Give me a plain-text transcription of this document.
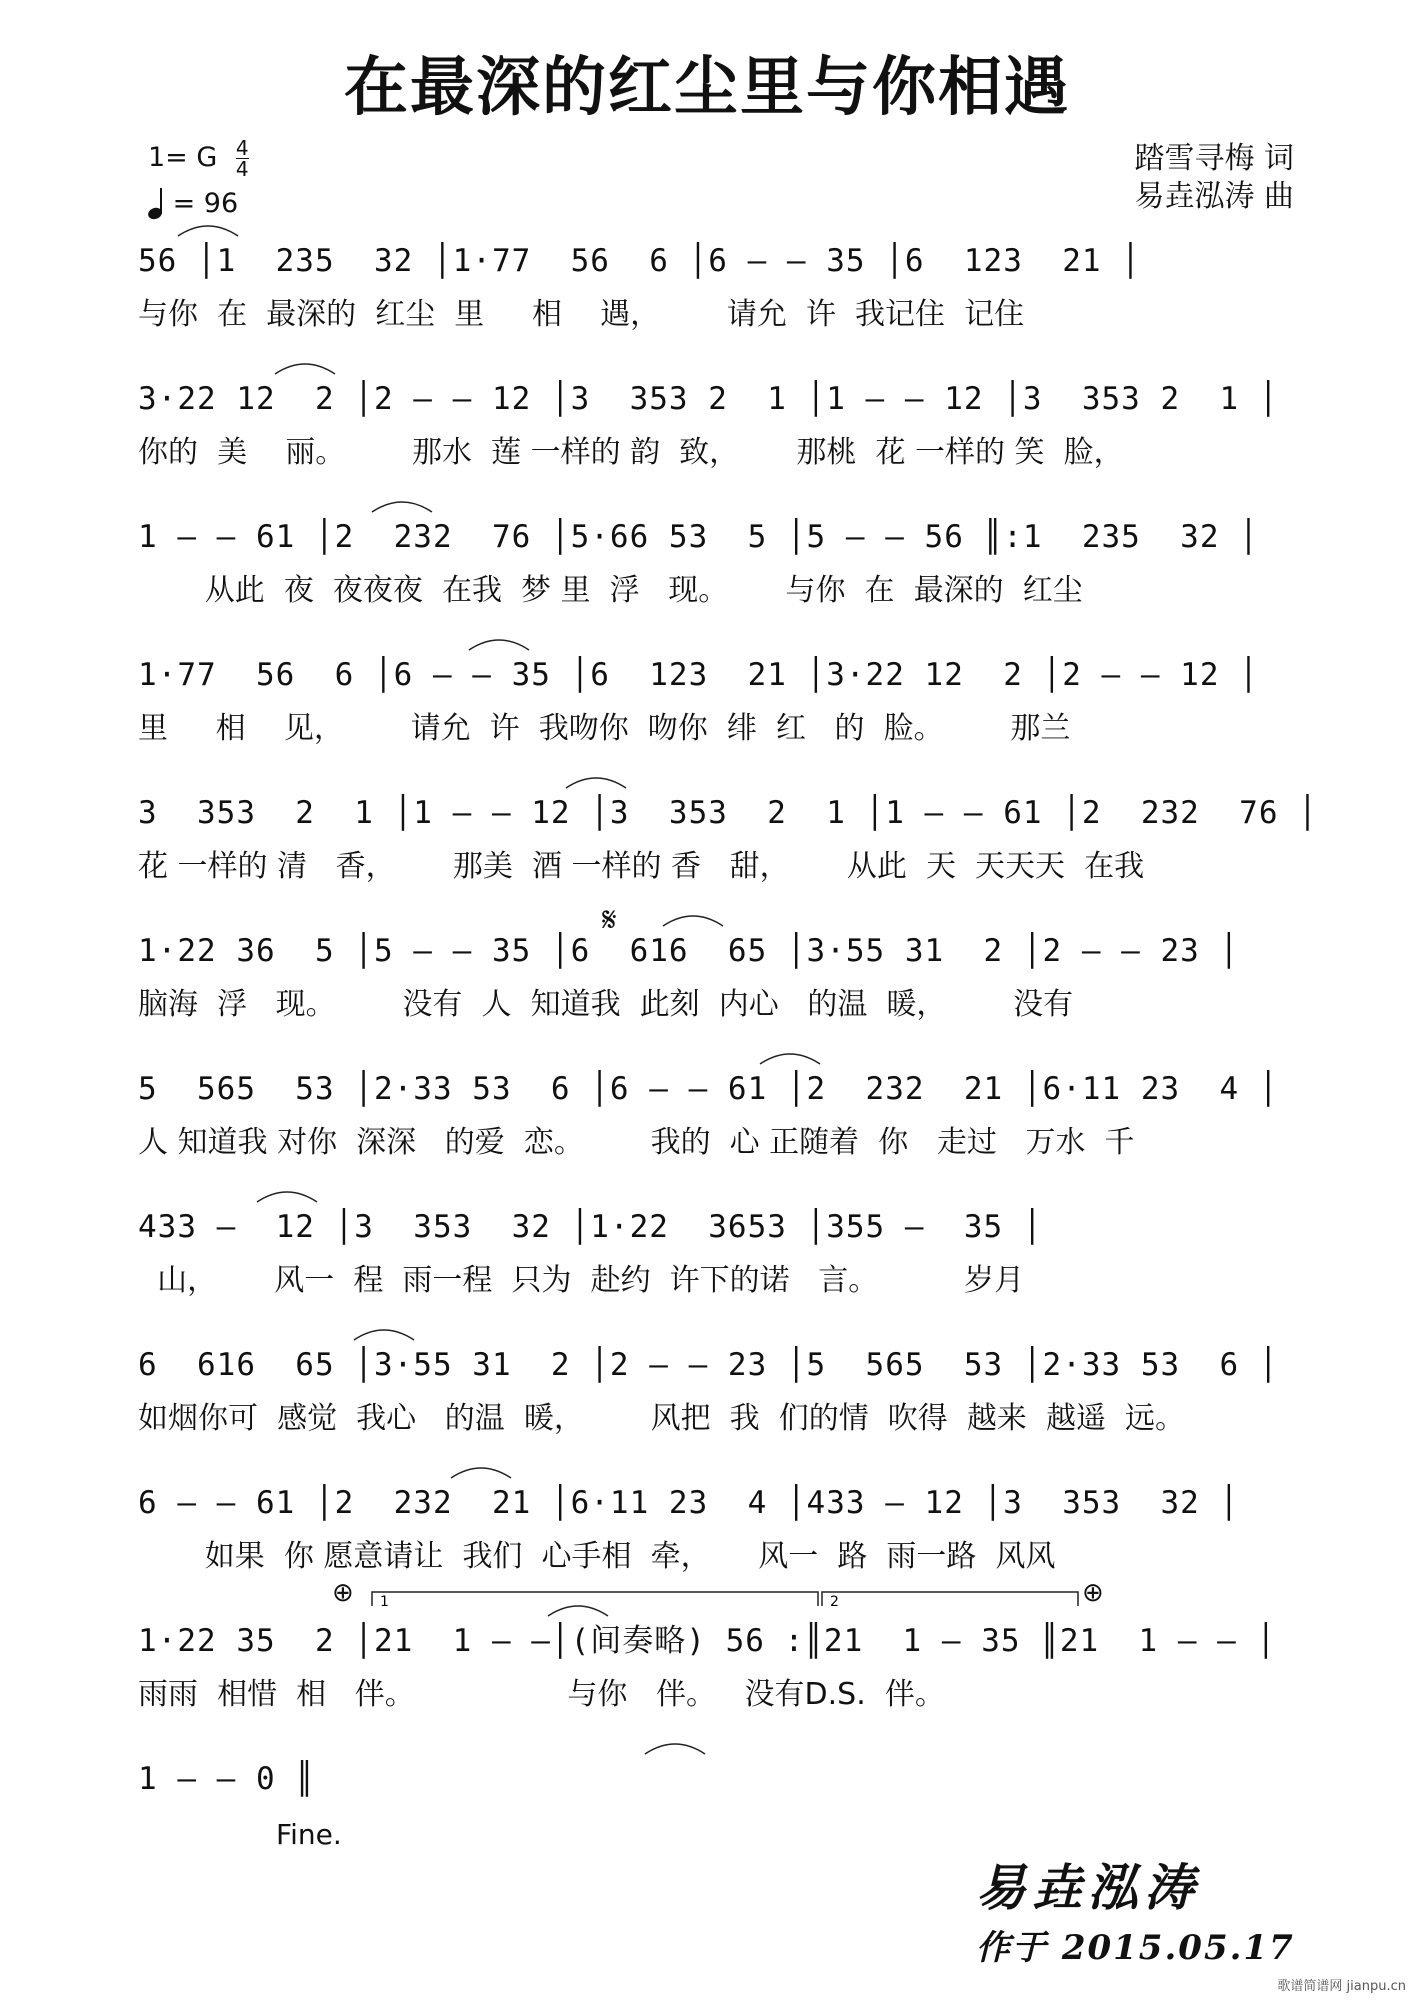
在最深的红尘里与你相遇
1= G $\frac{4}{4}$
= 96
踏雪寻梅 词
易垚泓涛 曲
56 │1  235  32 │1·77  56  6 │6 — — 35 │6  123  21 │
与你  在  最深的  红尘  里     相    遇，       请允  许  我记住  记住
3·22 12  2 │2 — — 12 │3  353 2  1 │1 — — 12 │3  353 2  1 │
你的  美    丽。       那水  莲 一样的 韵  致，      那桃  花 一样的 笑  脸，
1 — — 61 │2  232  76 │5·66 53  5 │5 — — 56 ║:1  235  32 │
从此  夜  夜夜夜  在我  梦 里  浮   现。      与你  在  最深的  红尘
1·77  56  6 │6 — — 35 │6  123  21 │3·22 12  2 │2 — — 12 │
里     相    见，       请允  许  我吻你  吻你  绯  红   的  脸。       那兰
3  353  2  1 │1 — — 12 │3  353  2  1 │1 — — 61 │2  232  76 │
花 一样的 清   香，      那美  酒 一样的 香   甜，      从此  天  天天天  在我
1·22 36  5 │5 — — 35 │6  616  65 │3·55 31  2 │2 — — 23 │
脑海  浮   现。       没有  人  知道我  此刻  内心   的温  暖，       没有
5  565  53 │2·33 53  6 │6 — — 61 │2  232  21 │6·11 23  4 │
人 知道我 对你  深深   的爱  恋。       我的  心 正随着  你   走过   万水  千
433 —  12 │3  353  32 │1·22  3653 │355 —  35 │
山，      风一  程  雨一程  只为  赴约  许下的诺   言。         岁月
6  616  65 │3·55 31  2 │2 — — 23 │5  565  53 │2·33 53  6 │
如烟你可  感觉  我心   的温  暖，       风把  我  们的情  吹得  越来  越遥  远。
6 — — 61 │2  232  21 │6·11 23  4 │433 — 12 │3  353  32 │
如果  你 愿意请让  我们  心手相  牵，     风一  路  雨一路  风风
1·22 35  2 │21  1 — —│(间奏略) 56 :║21  1 — 35 ║21  1 — — │
雨雨  相惜  相   伴。                与你   伴。   没有D.S.  伴。
1 — — 0 ║
𝄋
⊕	⊕
1	2
Fine.
易垚泓涛
作于 2015.05.17
歌谱简谱网 jianpu.cn
